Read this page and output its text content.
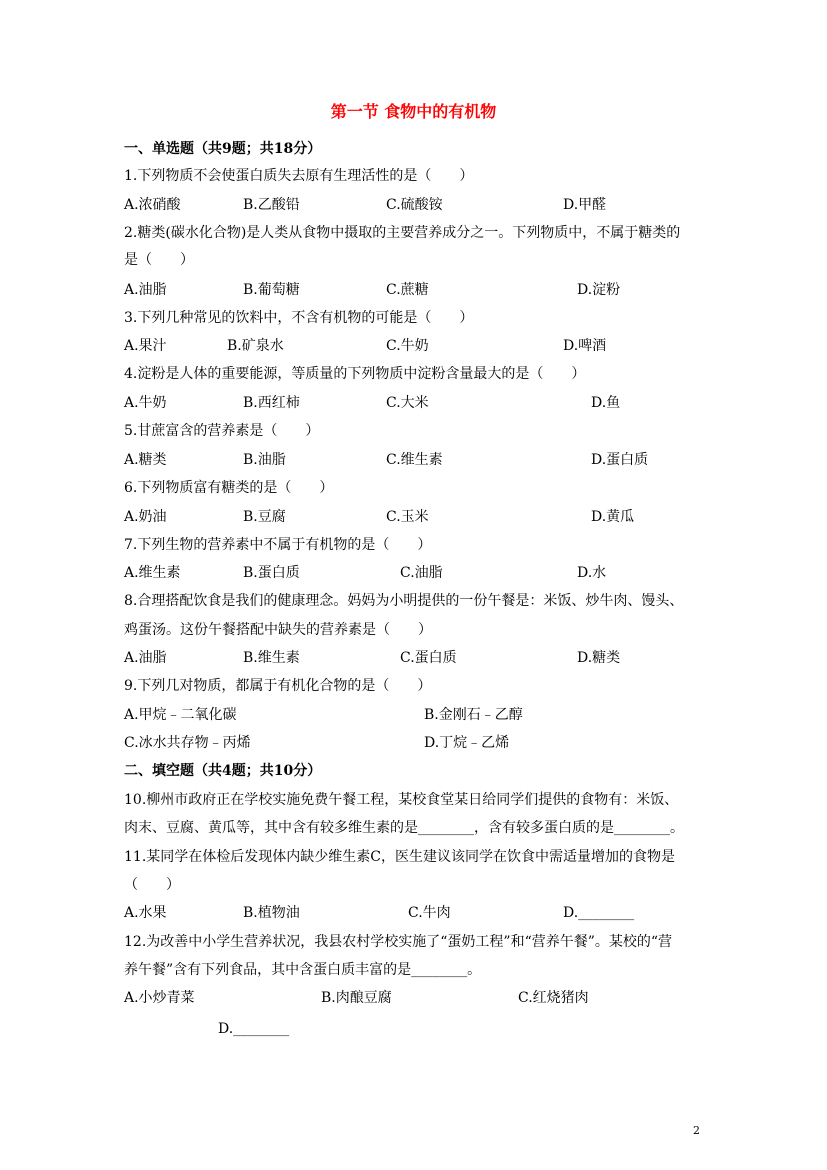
第一节 食物中的有机物
一、单选题（共9题；共18分）
1.下列物质不会使蛋白质失去原有生理活性的是（　　）
A.浓硝酸	B.乙酸铅	C.硫酸铵	D.甲醛
2.糖类(碳水化合物)是人类从食物中摄取的主要营养成分之一。下列物质中，不属于糖类的
是（　　）
A.油脂	B.葡萄糖	C.蔗糖	D.淀粉
3.下列几种常见的饮料中，不含有机物的可能是（　　）
A.果汁	B.矿泉水	C.牛奶	D.啤酒
4.淀粉是人体的重要能源，等质量的下列物质中淀粉含量最大的是（　　）
A.牛奶	B.西红柿	C.大米	D.鱼
5.甘蔗富含的营养素是（　　）
A.糖类	B.油脂	C.维生素	D.蛋白质
6.下列物质富有糖类的是（　　）
A.奶油	B.豆腐	C.玉米	D.黄瓜
7.下列生物的营养素中不属于有机物的是（　　）
A.维生素	B.蛋白质	C.油脂	D.水
8.合理搭配饮食是我们的健康理念。妈妈为小明提供的一份午餐是：米饭、炒牛肉、馒头、
鸡蛋汤。这份午餐搭配中缺失的营养素是（　　）
A.油脂	B.维生素	C.蛋白质	D.糖类
9.下列几对物质，都属于有机化合物的是（　　）
A.甲烷﹣二氧化碳	B.金刚石﹣乙醇
C.冰水共存物﹣丙烯	D.丁烷﹣乙烯
二、填空题（共4题；共10分）
10.柳州市政府正在学校实施免费午餐工程，某校食堂某日给同学们提供的食物有：米饭、
肉末、豆腐、黄瓜等，其中含有较多维生素的是________，含有较多蛋白质的是________。
11.某同学在体检后发现体内缺少维生素C，医生建议该同学在饮食中需适量增加的食物是
（　　）
A.水果	B.植物油	C.牛肉	D.________
12.为改善中小学生营养状况，我县农村学校实施了“蛋奶工程”和“营养午餐”。某校的“营
养午餐”含有下列食品，其中含蛋白质丰富的是________。
A.小炒青菜	B.肉酿豆腐	C.红烧猪肉
D.________
2
